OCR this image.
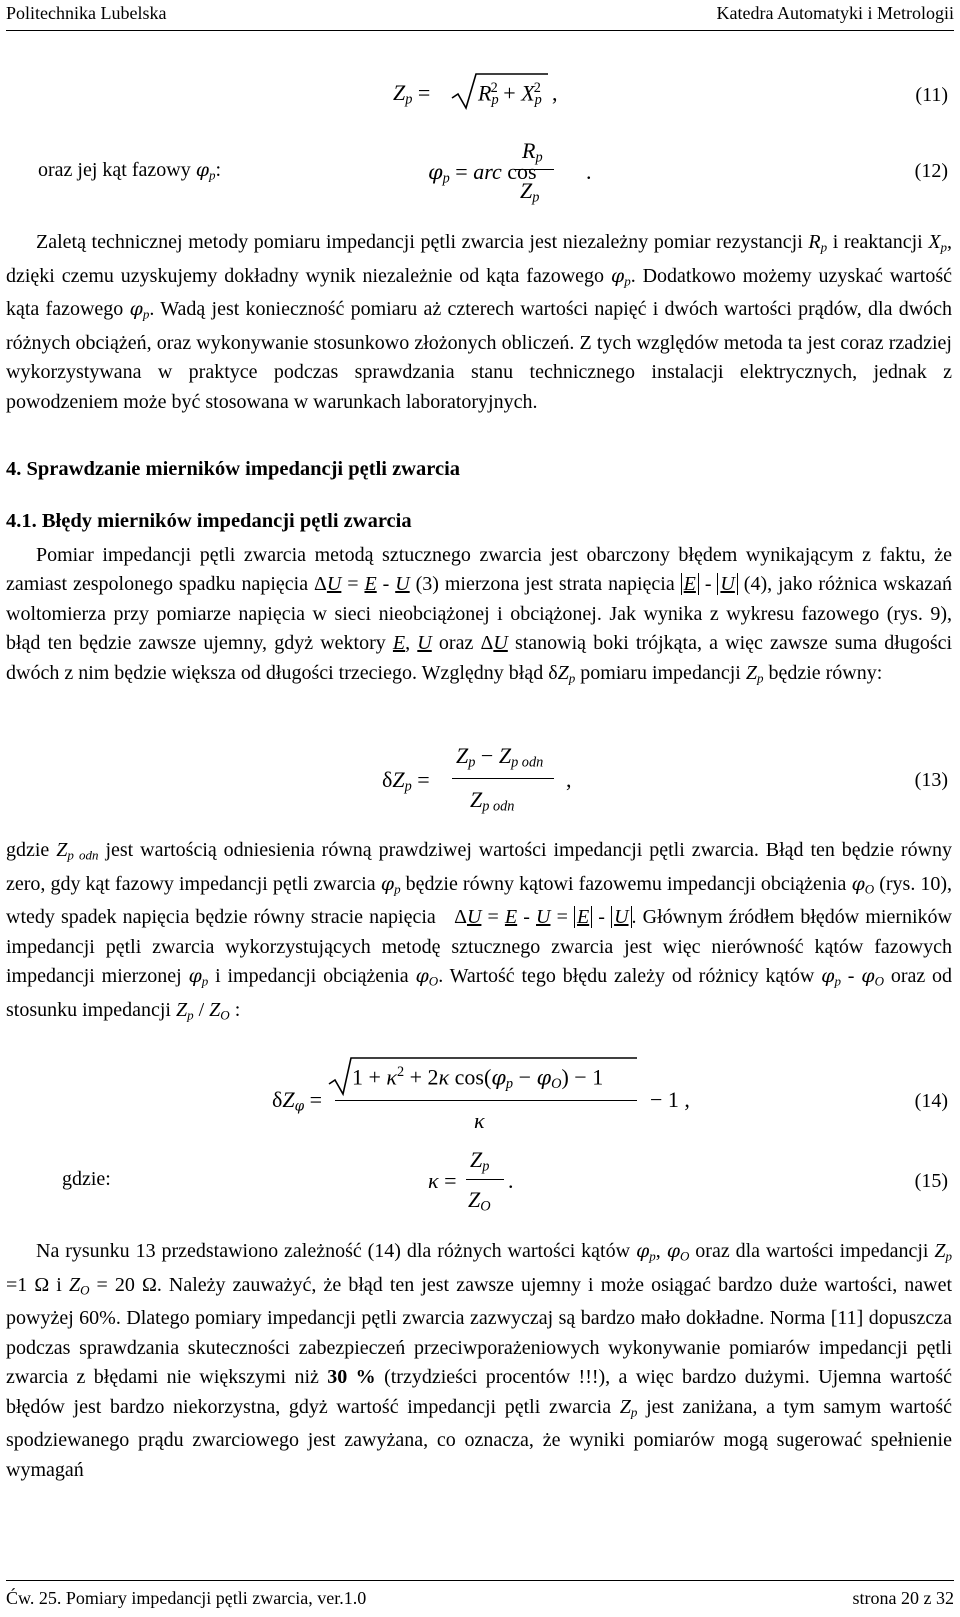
Politechnika Lubelska	Katedra Automatyki i Metrologii
$Z_p = R_p^2 + X_p^2$  ,	(11)
oraz jej kąt fazowy $\varphi_p$:	$\varphi_p$ = arc cos
$R_p$
$Z_p$
.	(12)

Zaletą technicznej metody pomiaru impedancji pętli zwarcia jest niezależny pomiar rezystancji $R_p$ i reaktancji $X_p$, dzięki czemu uzyskujemy dokładny wynik niezależnie od kąta fazowego $\varphi_p$. Dodatkowo możemy uzyskać wartość kąta fazowego $\varphi_p$. Wadą jest konieczność pomiaru aż czterech wartości napięć i dwóch wartości prądów, dla dwóch różnych obciążeń, oraz wykonywanie stosunkowo złożonych obliczeń. Z tych względów metoda ta jest coraz rzadziej wykorzystywana w praktyce podczas sprawdzania stanu technicznego instalacji elektrycznych, jednak z powodzeniem może być stosowana w warunkach laboratoryjnych.

4. Sprawdzanie mierników impedancji pętli zwarcia
4.1. Błędy mierników impedancji pętli zwarcia

Pomiar impedancji pętli zwarcia metodą sztucznego zwarcia jest obarczony błędem wynikającym z faktu, że zamiast zespolonego spadku napięcia ΔU = E - U (3) mierzona jest strata napięcia E - U (4), jako różnica wskazań woltomierza przy pomiarze napięcia w sieci nieobciążonej i obciążonej. Jak wynika z wykresu fazowego (rys. 9), błąd ten będzie zawsze ujemny, gdyż wektory E, U oraz ΔU stanowią boki trójkąta, a więc zawsze suma długości dwóch z nim będzie większa od długości trzeciego. Względny błąd $\delta Z_p$ pomiaru impedancji $Z_p$ będzie równy:

$\delta Z_p$ =
$Z_p - Z_{p odn}$
$Z_{p odn}$
,	(13)

gdzie $Z_{p odn}$ jest wartością odniesienia równą prawdziwej wartości impedancji pętli zwarcia. Błąd ten będzie równy zero, gdy kąt fazowy impedancji pętli zwarcia $\varphi_p$ będzie równy kątowi fazowemu impedancji obciążenia $\varphi_O$ (rys. 10), wtedy spadek napięcia będzie równy stracie napięcia   ΔU = E - U = E - U . Głównym źródłem błędów mierników impedancji pętli zwarcia wykorzystujących metodę sztucznego zwarcia jest więc nierówność kątów fazowych impedancji mierzonej $\varphi_p$ i impedancji obciążenia $\varphi_O$. Wartość tego błędu zależy od różnicy kątów $\varphi_p - \varphi_O$ oraz od stosunku impedancji $Z_p / Z_O$ :

$\delta Z_\varphi$ =
$1 + \kappa^2 + 2\kappa$ $\cos(\varphi_p - \varphi_O) - 1$
κ
− 1 ,	(14)
gdzie:	κ =
$Z_p$
$Z_O$
.	(15)

Na rysunku 13 przedstawiono zależność (14) dla różnych wartości kątów $\varphi_p$, $\varphi_O$ oraz dla wartości impedancji $Z_p =1$ Ω i $Z_O = 20$ Ω. Należy zauważyć, że błąd ten jest zawsze ujemny i może osiągać bardzo duże wartości, nawet powyżej 60%. Dlatego pomiary impedancji pętli zwarcia zazwyczaj są bardzo mało dokładne. Norma [11] dopuszcza podczas sprawdzania skuteczności zabezpieczeń przeciwporażeniowych wykonywanie pomiarów impedancji pętli zwarcia z błędami nie większymi niż 30 % (trzydzieści procentów !!!), a więc bardzo dużymi. Ujemna wartość błędów jest bardzo niekorzystna, gdyż wartość impedancji pętli zwarcia $Z_p$ jest zaniżana, a tym samym wartość spodziewanego prądu zwarciowego jest zawyżana, co oznacza, że wyniki pomiarów mogą sugerować spełnienie wymagań

Ćw. 25. Pomiary impedancji pętli zwarcia, ver.1.0	strona 20 z 32
